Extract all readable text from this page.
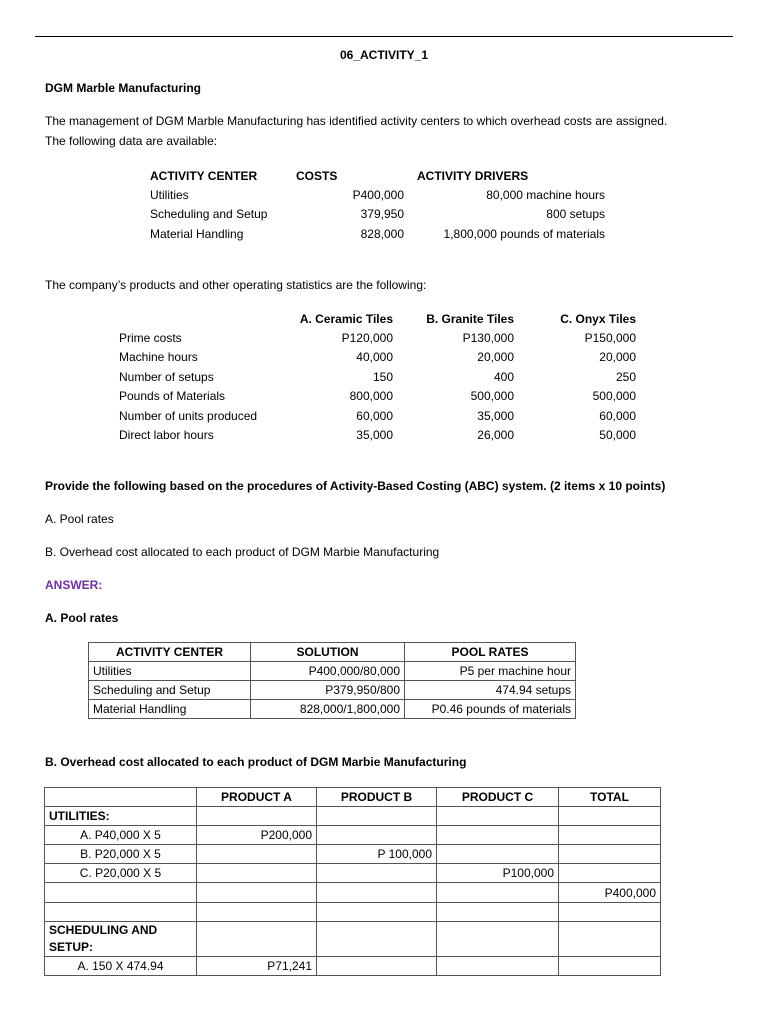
06_ACTIVITY_1
DGM Marble Manufacturing
The management of DGM Marble Manufacturing has identified activity centers to which overhead costs are assigned.
The following data are available:
ACTIVITY CENTER	COSTS	ACTIVITY DRIVERS
Utilities	P400,000	80,000 machine hours
Scheduling and Setup	379,950	800 setups
Material Handling	828,000	1,800,000 pounds of materials
The company’s products and other operating statistics are the following:
A. Ceramic Tiles	B. Granite Tiles	C. Onyx Tiles
Prime costs	P120,000	P130,000	P150,000
Machine hours	40,000	20,000	20,000
Number of setups	150	400	250
Pounds of Materials	800,000	500,000	500,000
Number of units produced	60,000	35,000	60,000
Direct labor hours	35,000	26,000	50,000
Provide the following based on the procedures of Activity-Based Costing (ABC) system. (2 items x 10 points)
A. Pool rates
B. Overhead cost allocated to each product of DGM Marbie Manufacturing
ANSWER:
A. Pool rates
ACTIVITY CENTER	SOLUTION	POOL RATES
Utilities	P400,000/80,000	P5 per machine hour
Scheduling and Setup	P379,950/800	474.94 setups
Material Handling	828,000/1,800,000	P0.46 pounds of materials
B. Overhead cost allocated to each product of DGM Marbie Manufacturing
	PRODUCT A	PRODUCT B	PRODUCT C	TOTAL
UTILITIES:				
A. P40,000 X 5	P200,000			
B. P20,000 X 5		P 100,000		
C. P20,000 X 5			P100,000	
				P400,000

SCHEDULING AND SETUP:				
A. 150 X 474.94	P71,241			
